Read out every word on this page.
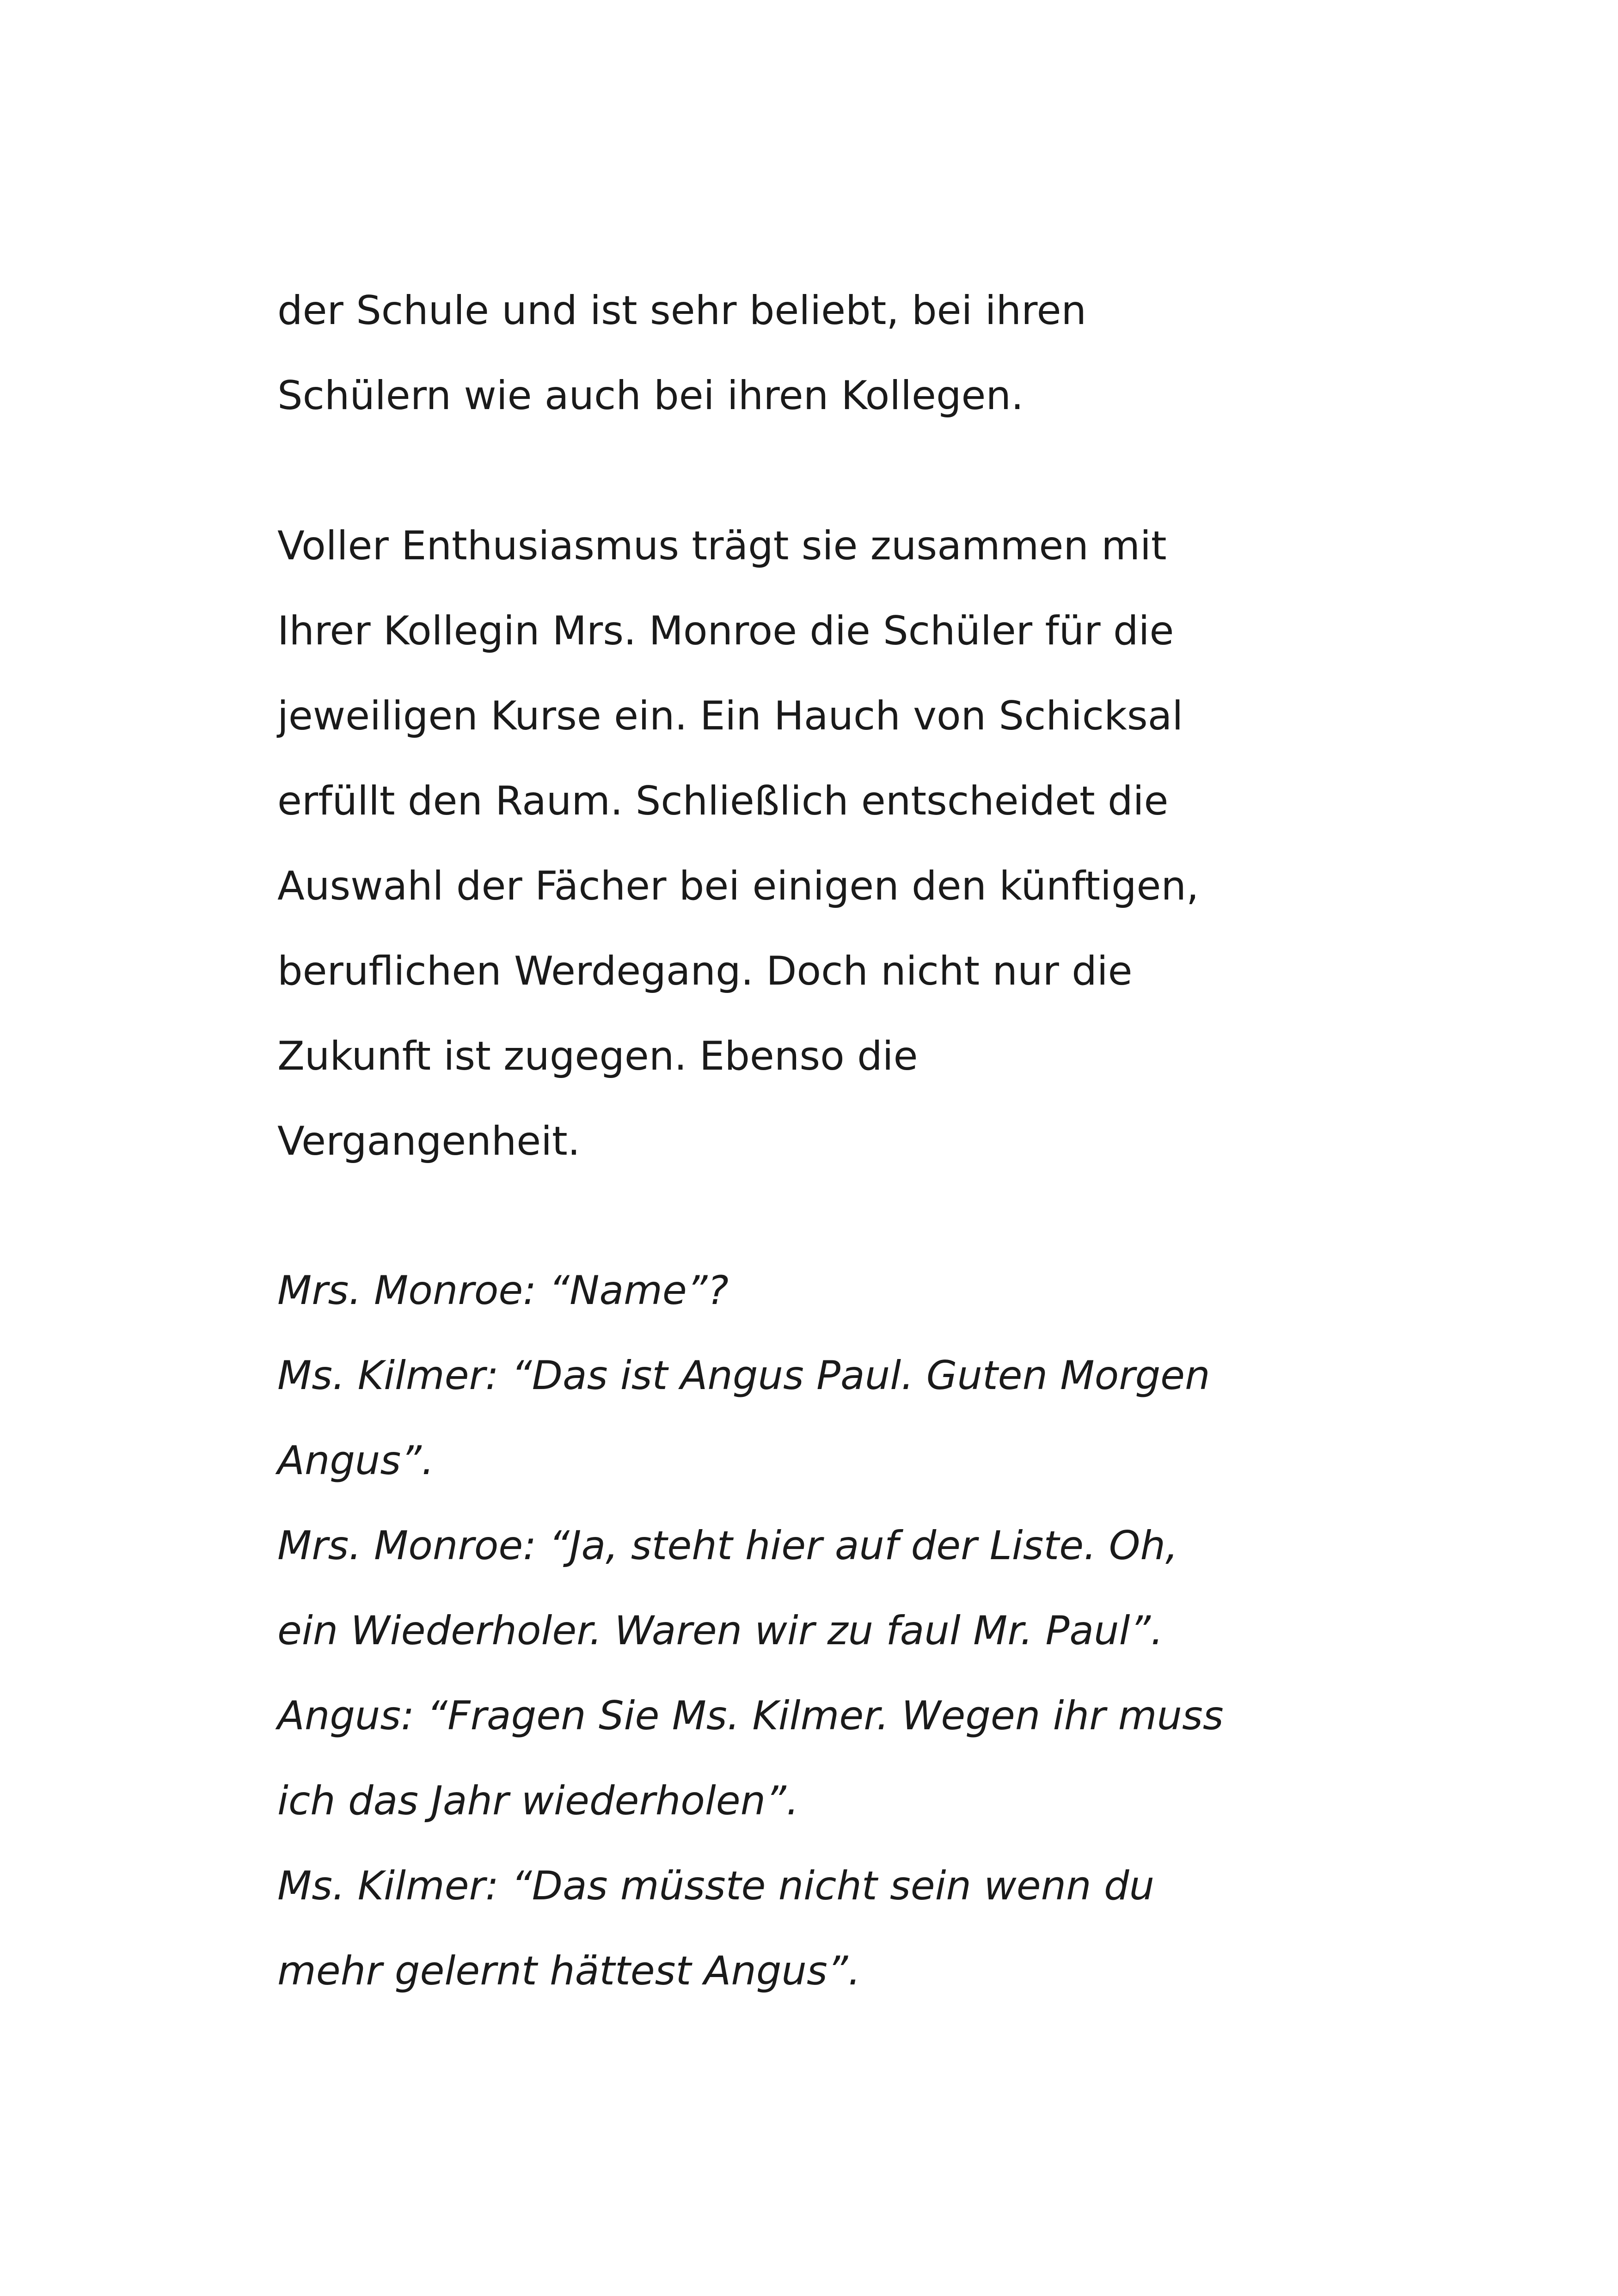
der Schule und ist sehr beliebt, bei ihren
Schülern wie auch bei ihren Kollegen.
Voller Enthusiasmus trägt sie zusammen mit
Ihrer Kollegin Mrs. Monroe die Schüler für die
jeweiligen Kurse ein. Ein Hauch von Schicksal
erfüllt den Raum. Schließlich entscheidet die
Auswahl der Fächer bei einigen den künftigen,
beruflichen Werdegang. Doch nicht nur die
Zukunft ist zugegen. Ebenso die
Vergangenheit.
Mrs. Monroe: “Name”?
Ms. Kilmer: “Das ist Angus Paul. Guten Morgen
Angus”.
Mrs. Monroe: “Ja, steht hier auf der Liste. Oh,
ein Wiederholer. Waren wir zu faul Mr. Paul”.
Angus: “Fragen Sie Ms. Kilmer. Wegen ihr muss
ich das Jahr wiederholen”.
Ms. Kilmer: “Das müsste nicht sein wenn du
mehr gelernt hättest Angus”.
